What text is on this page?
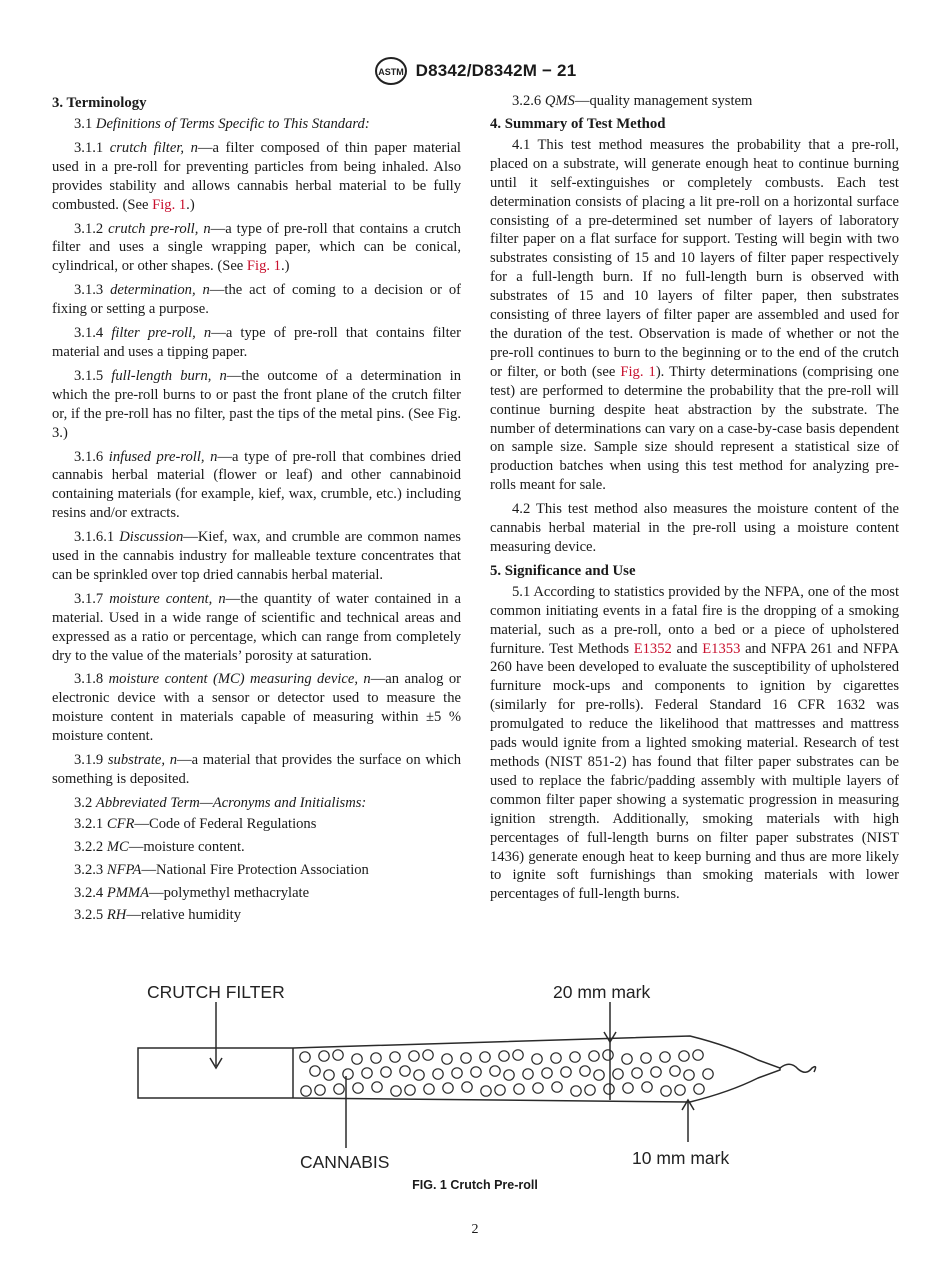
ASTM D8342/D8342M − 21
3. Terminology

3.1 Definitions of Terms Specific to This Standard:

3.1.1 crutch filter, n—a filter composed of thin paper material used in a pre-roll for preventing particles from being inhaled. Also provides stability and allows cannabis herbal material to be fully combusted. (See Fig. 1.)

3.1.2 crutch pre-roll, n—a type of pre-roll that contains a crutch filter and uses a single wrapping paper, which can be conical, cylindrical, or other shapes. (See Fig. 1.)

3.1.3 determination, n—the act of coming to a decision or of fixing or setting a purpose.

3.1.4 filter pre-roll, n—a type of pre-roll that contains filter material and uses a tipping paper.

3.1.5 full-length burn, n—the outcome of a determination in which the pre-roll burns to or past the front plane of the crutch filter or, if the pre-roll has no filter, past the tips of the metal pins. (See Fig. 3.)

3.1.6 infused pre-roll, n—a type of pre-roll that combines dried cannabis herbal material (flower or leaf) and other cannabinoid containing materials (for example, kief, wax, crumble, etc.) including resins and/or extracts.

3.1.6.1 Discussion—Kief, wax, and crumble are common names used in the cannabis industry for malleable texture concentrates that can be sprinkled over top dried cannabis herbal material.

3.1.7 moisture content, n—the quantity of water contained in a material. Used in a wide range of scientific and technical areas and expressed as a ratio or percentage, which can range from completely dry to the value of the materials’ porosity at saturation.

3.1.8 moisture content (MC) measuring device, n—an analog or electronic device with a sensor or detector used to measure the moisture content in materials capable of measuring within ±5 % moisture content.

3.1.9 substrate, n—a material that provides the surface on which something is deposited.

3.2 Abbreviated Term—Acronyms and Initialisms:

3.2.1 CFR—Code of Federal Regulations

3.2.2 MC—moisture content.

3.2.3 NFPA—National Fire Protection Association

3.2.4 PMMA—polymethyl methacrylate

3.2.5 RH—relative humidity

3.2.6 QMS—quality management system

4. Summary of Test Method

4.1 This test method measures the probability that a pre-roll, placed on a substrate, will generate enough heat to continue burning until it self-extinguishes or completely combusts. Each test determination consists of placing a lit pre-roll on a horizontal surface consisting of a pre-determined set number of layers of laboratory filter paper on a flat surface for support. Testing will begin with two substrates consisting of 15 and 10 layers of filter paper respectively for a full-length burn. If no full-length burn is observed with substrates of 15 and 10 layers of filter paper, then substrates consisting of three layers of filter paper are assembled and used for the duration of the test. Observation is made of whether or not the pre-roll continues to burn to the beginning or to the end of the crutch or filter, or both (see Fig. 1). Thirty determinations (comprising one test) are performed to determine the probability that the pre-roll will continue burning despite heat abstraction by the substrate. The number of determinations can vary on a case-by-case basis dependent on sample size. Sample size should represent a statistical size of production batches when using this test method for analyzing pre-rolls meant for sale.

4.2 This test method also measures the moisture content of the cannabis herbal material in the pre-roll using a moisture content measuring device.

5. Significance and Use

5.1 According to statistics provided by the NFPA, one of the most common initiating events in a fatal fire is the dropping of a smoking material, such as a pre-roll, onto a bed or a piece of upholstered furniture. Test Methods E1352 and E1353 and NFPA 261 and NFPA 260 have been developed to evaluate the susceptibility of upholstered furniture mock-ups and components to ignition by cigarettes (similarly for pre-rolls). Federal Standard 16 CFR 1632 was promulgated to reduce the likelihood that mattresses and mattress pads would ignite from a lighted smoking material. Research of test methods (NIST 851-2) has found that filter paper substrates can be used to replace the fabric/padding assembly with multiple layers of common filter paper showing a systematic progression in measuring ignition strength. Additionally, smoking materials with high percentages of full-length burns on filter paper substrates (NIST 1436) generate enough heat to keep burning and thus are more likely to ignite soft furnishings than smoking materials with lower percentages of full-length burns.

CRUTCH FILTER	20 mm mark
CANNABIS	10 mm mark
FIG. 1 Crutch Pre-roll
2
